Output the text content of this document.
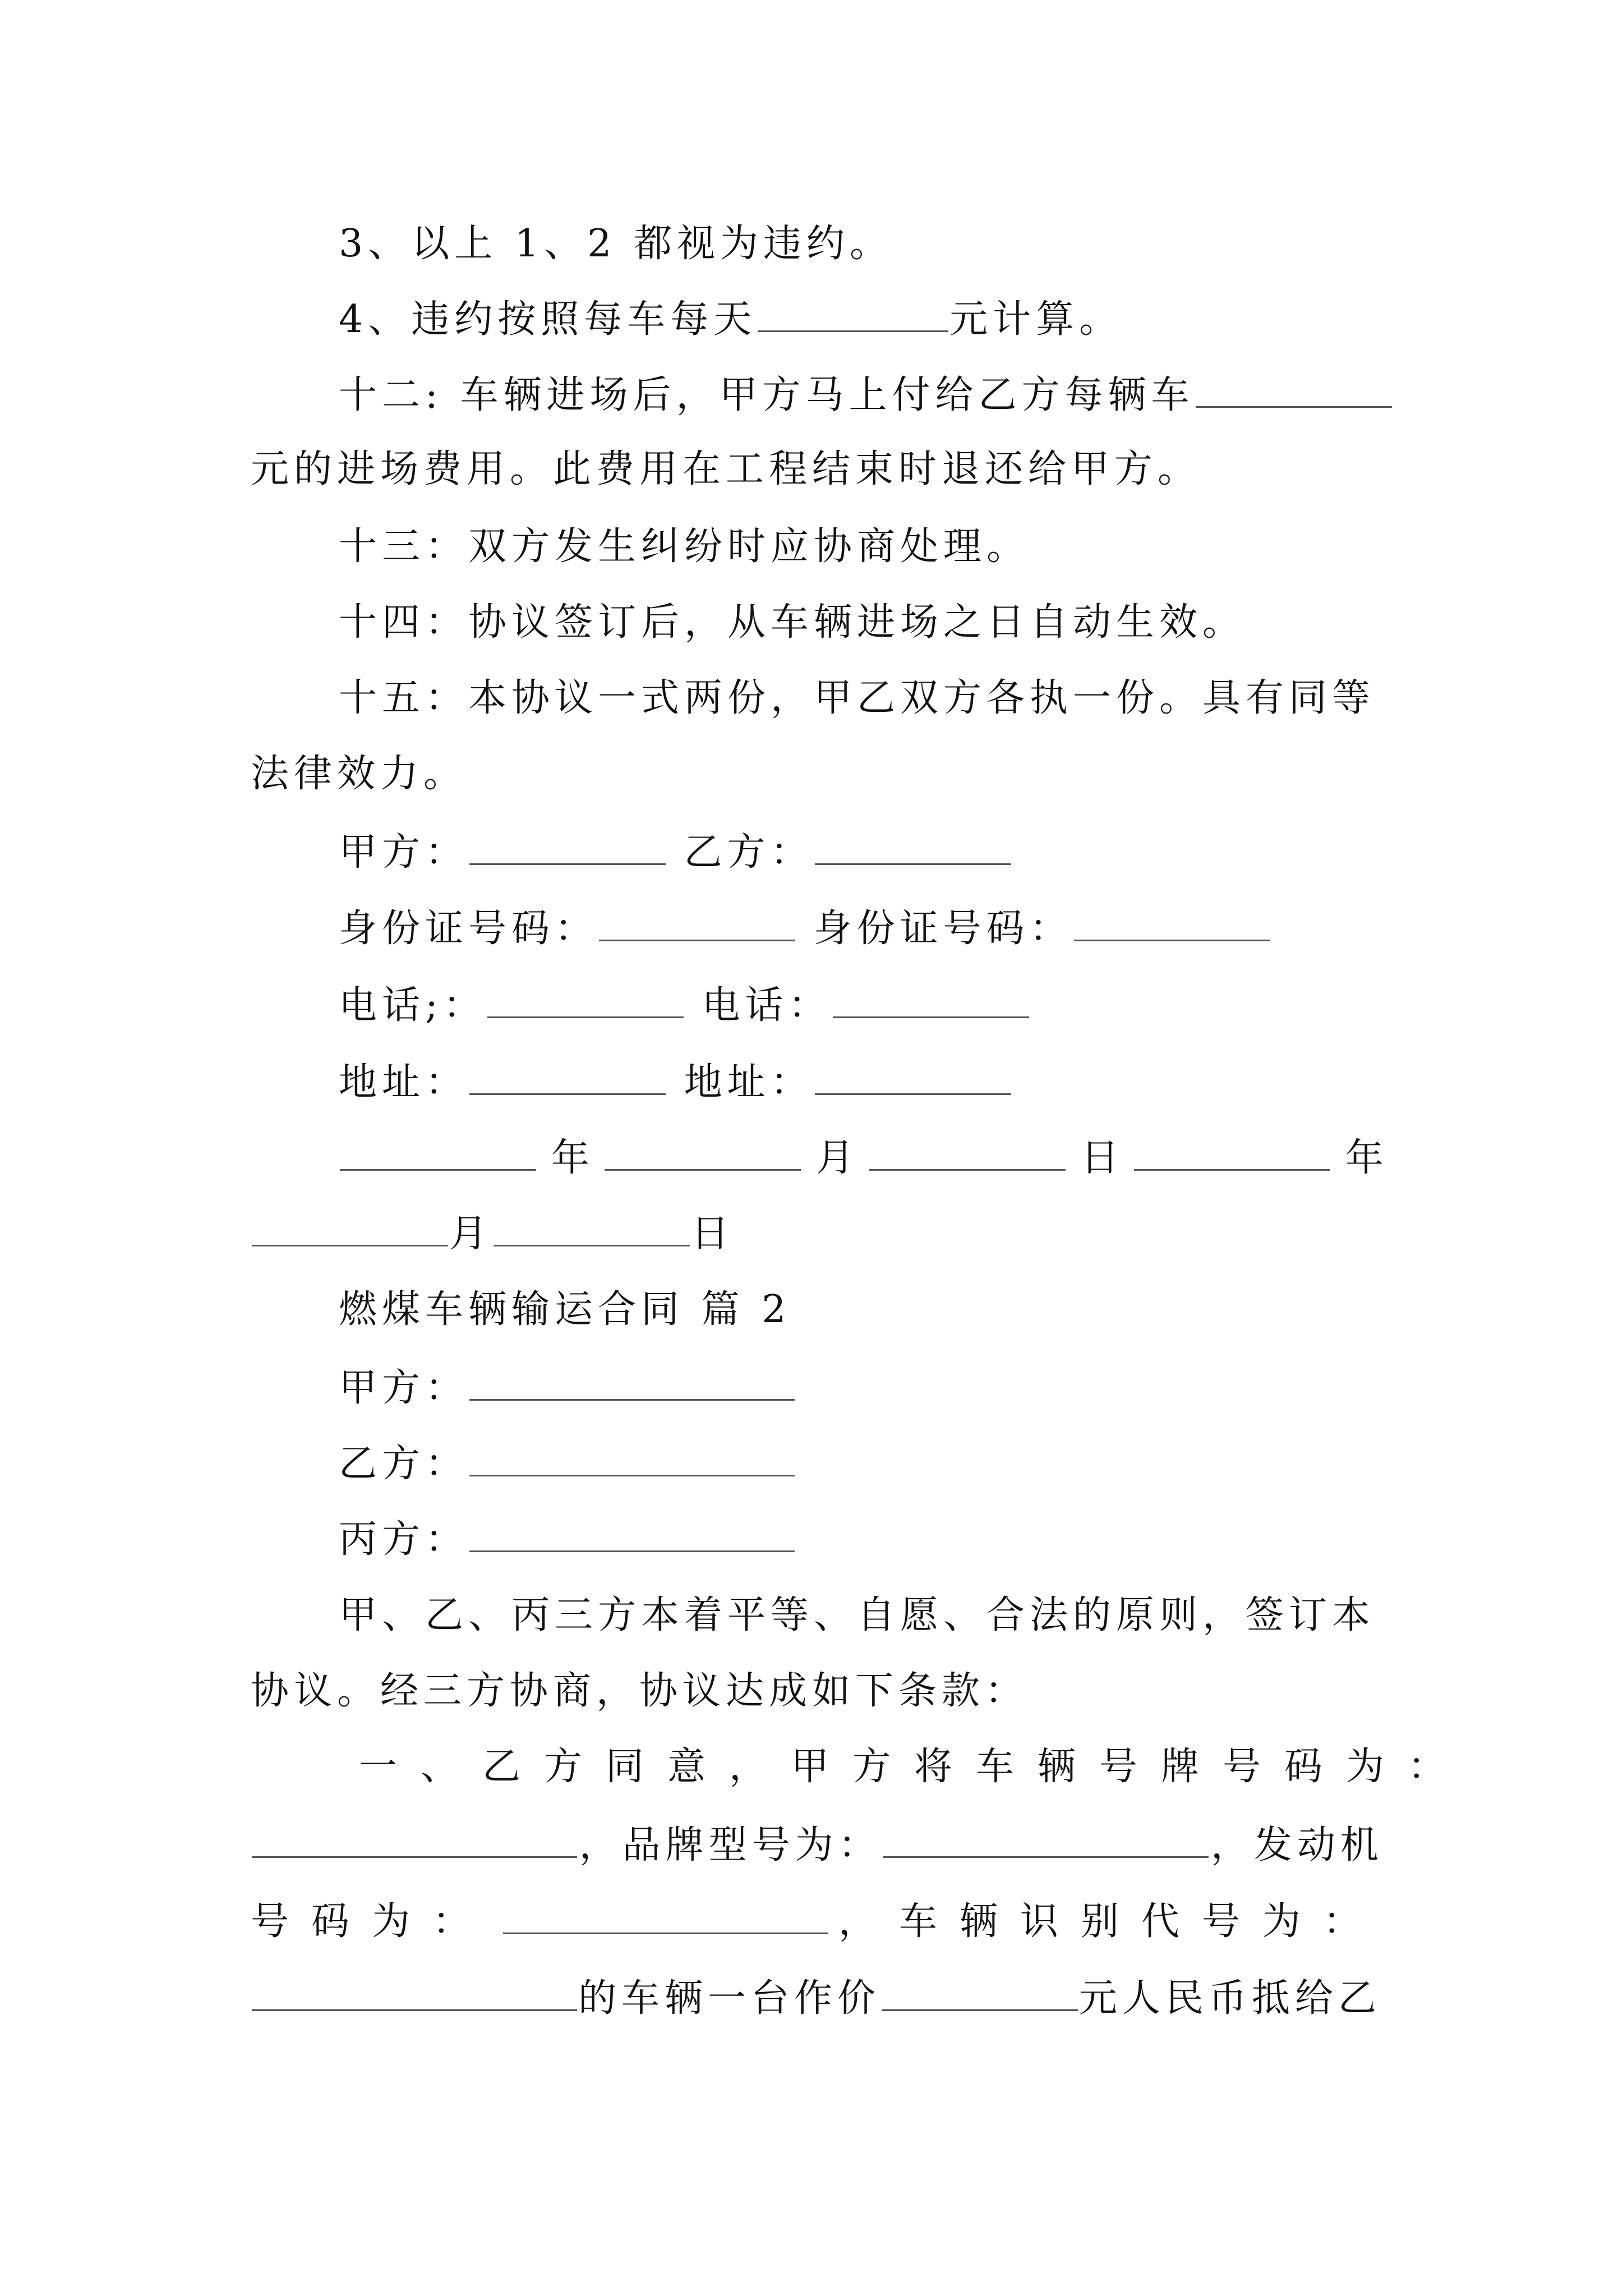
3、以上 1、2 都视为违约。
4、违约按照每车每天	元计算。
十二: 车辆进场后，甲方马上付给乙方每辆车
元的进场费用。此费用在工程结束时退还给甲方。
十三：双方发生纠纷时应协商处理。
十四：协议签订后，从车辆进场之日自动生效。
十五：本协议一式两份，甲乙双方各执一份。具有同等
法律效力。
甲方：	乙方：
身份证号码：	身份证号码：
电话;：	电话：
地址：	地址：
年	月	日	年
月	日
燃煤车辆输运合同 篇 2
甲方：
乙方：
丙方：
甲、乙、丙三方本着平等、自愿、合法的原则，签订本
协议。经三方协商，协议达成如下条款：
一、乙方同意，甲方将车辆号牌号码为：
，品牌型号为：	，发动机
号码为：	，车辆识别代号为：
的车辆一台作价	元人民币抵给乙
